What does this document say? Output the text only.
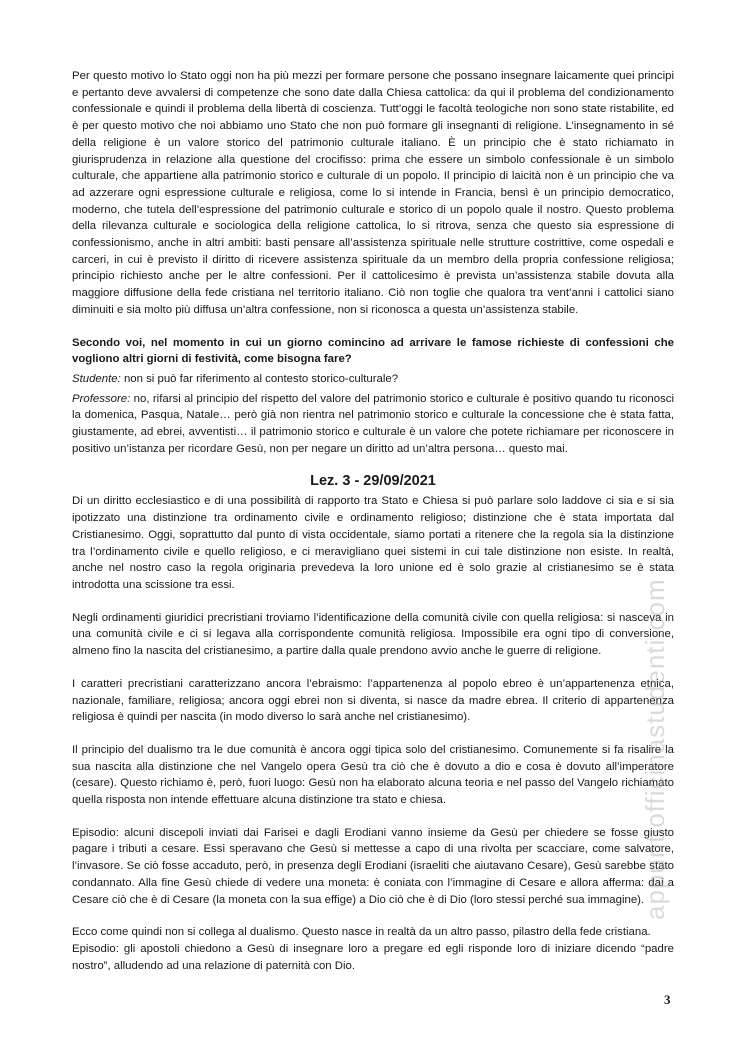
Per questo motivo lo Stato oggi non ha più mezzi per formare persone che possano insegnare laicamente quei principi e pertanto deve avvalersi di competenze che sono date dalla Chiesa cattolica: da qui il problema del condizionamento confessionale e quindi il problema della libertà di coscienza. Tutt’oggi le facoltà teologiche non sono state ristabilite, ed è per questo motivo che noi abbiamo uno Stato che non può formare gli insegnanti di religione. L’insegnamento in sé della religione è un valore storico del patrimonio culturale italiano. È un principio che è stato richiamato in giurisprudenza in relazione alla questione del crocifisso: prima che essere un simbolo confessionale è un simbolo culturale, che appartiene alla patrimonio storico e culturale di un popolo. Il principio di laicità non è un principio che va ad azzerare ogni espressione culturale e religiosa, come lo si intende in Francia, bensì è un principio democratico, moderno, che tutela dell’espressione del patrimonio culturale e storico di un popolo quale il nostro. Questo problema della rilevanza culturale e sociologica della religione cattolica, lo si ritrova, senza che questo sia espressione di confessionismo, anche in altri ambiti: basti pensare all’assistenza spirituale nelle strutture costrittive, come ospedali e carceri, in cui è previsto il diritto di ricevere assistenza spirituale da un membro della propria confessione religiosa; principio richiesto anche per le altre confessioni. Per il cattolicesimo è prevista un’assistenza stabile dovuta alla maggiore diffusione della fede cristiana nel territorio italiano. Ciò non toglie che qualora tra vent’anni i cattolici siano diminuiti e sia molto più diffusa un’altra confessione, non si riconosca a questa un’assistenza stabile.

Secondo voi, nel momento in cui un giorno comincino ad arrivare le famose richieste di confessioni che vogliono altri giorni di festività, come bisogna fare?

Studente: non si può far riferimento al contesto storico-culturale?

Professore: no, rifarsi al principio del rispetto del valore del patrimonio storico e culturale è positivo quando tu riconosci la domenica, Pasqua, Natale… però già non rientra nel patrimonio storico e culturale la concessione che è stata fatta, giustamente, ad ebrei, avventisti… il patrimonio storico e culturale è un valore che potete richiamare per riconoscere in positivo un’istanza per ricordare Gesù, non per negare un diritto ad un’altra persona… questo mai.

Lez. 3 - 29/09/2021

Di un diritto ecclesiastico e di una possibilità di rapporto tra Stato e Chiesa si può parlare solo laddove ci sia e si sia ipotizzato una distinzione tra ordinamento civile e ordinamento religioso; distinzione che è stata importata dal Cristianesimo. Oggi, soprattutto dal punto di vista occidentale, siamo portati a ritenere che la regola sia la distinzione tra l’ordinamento civile e quello religioso, e ci meravigliano quei sistemi in cui tale distinzione non esiste. In realtà, anche nel nostro caso la regola originaria prevedeva la loro unione ed è solo grazie al cristianesimo se è stata introdotta una scissione tra essi.

Negli ordinamenti giuridici precristiani troviamo l’identificazione della comunità civile con quella religiosa: si nasceva in una comunità civile e ci si legava alla corrispondente comunità religiosa. Impossibile era ogni tipo di conversione, almeno fino la nascita del cristianesimo, a partire dalla quale prendono avvio anche le guerre di religione.

I caratteri precristiani caratterizzano ancora l’ebraismo: l’appartenenza al popolo ebreo è un’appartenenza etnica, nazionale, familiare, religiosa; ancora oggi ebrei non si diventa, si nasce da madre ebrea. Il criterio di appartenenza religiosa è quindi per nascita (in modo diverso lo sarà anche nel cristianesimo).

Il principio del dualismo tra le due comunità è ancora oggi tipica solo del cristianesimo. Comunemente si fa risalire la sua nascita alla distinzione che nel Vangelo opera Gesù tra ciò che è dovuto a dio e cosa è dovuto all’imperatore (cesare). Questo richiamo è, però, fuori luogo: Gesù non ha elaborato alcuna teoria e nel passo del Vangelo richiamato quella risposta non intende effettuare alcuna distinzione tra stato e chiesa.

Episodio: alcuni discepoli inviati dai Farisei e dagli Erodiani vanno insieme da Gesù per chiedere se fosse giusto pagare i tributi a cesare. Essi speravano che Gesù si mettesse a capo di una rivolta per scacciare, come salvatore, l’invasore. Se ciò fosse accaduto, però, in presenza degli Erodiani (israeliti che aiutavano Cesare), Gesù sarebbe stato condannato. Alla fine Gesù chiede di vedere una moneta: è coniata con l’immagine di Cesare e allora afferma: dai a Cesare ciò che è di Cesare (la moneta con la sua effige) a Dio ciò che è di Dio (loro stessi perché sua immagine).

Ecco come quindi non si collega al dualismo. Questo nasce in realtà da un altro passo, pilastro della fede cristiana.

Episodio: gli apostoli chiedono a Gesù di insegnare loro a pregare ed egli risponde loro di iniziare dicendo “padre nostro”, alludendo ad una relazione di paternità con Dio.

appuntiofficinastudenti.com
3
